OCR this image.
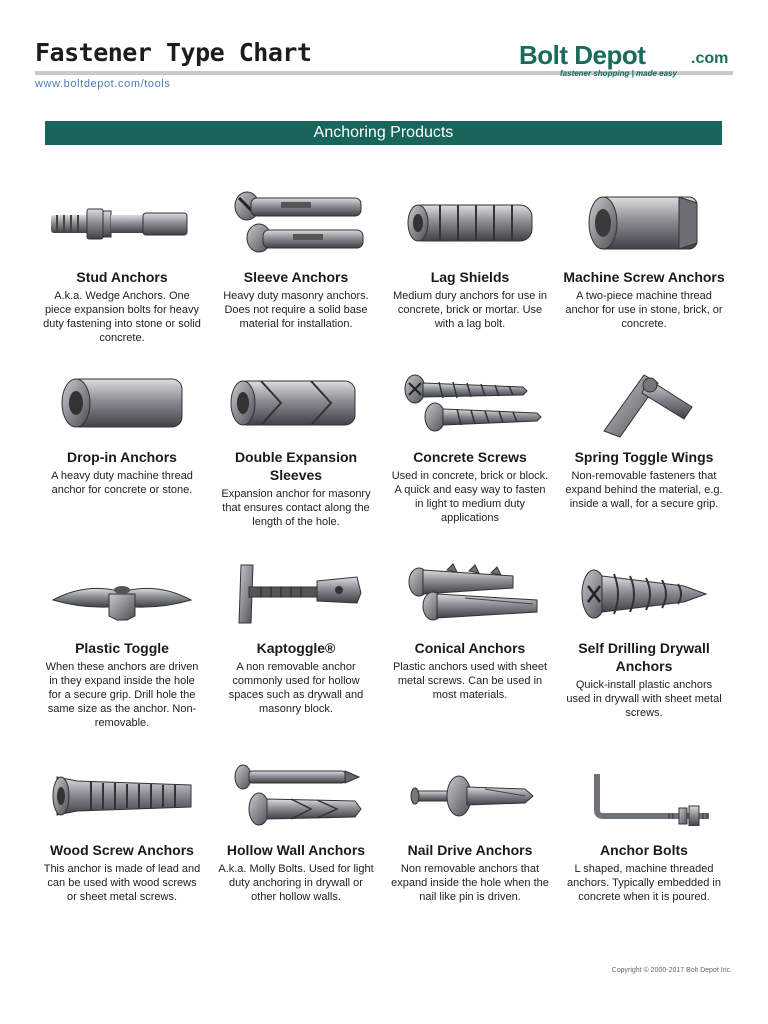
Fastener Type Chart
www.boltdepot.com/tools
Bolt Depot	.com
fastener shopping | made easy
Anchoring Products
Stud Anchors
A.k.a. Wedge Anchors. One piece expansion bolts for heavy duty fastening into stone or solid concrete.
Sleeve Anchors
Heavy duty masonry anchors. Does not require a solid base material for installation.
Lag Shields
Medium dury anchors for use in concrete, brick or mortar. Use with a lag bolt.
Machine Screw Anchors
A two-piece machine thread anchor for use in stone, brick, or concrete.
Drop-in Anchors
A heavy duty machine thread anchor for concrete or stone.
Double Expansion Sleeves
Expansion anchor for masonry that ensures contact along the length of the hole.
Concrete Screws
Used in concrete, brick or block. A quick and easy way to fasten in light to medium duty applications
Spring Toggle Wings
Non-removable fasteners that expand behind the material, e.g. inside a wall, for a secure grip.
Plastic Toggle
When these anchors are driven in they expand inside the hole for a secure grip. Drill hole the same size as the anchor. Non-removable.
Kaptoggle®
A non removable anchor commonly used for hollow spaces such as drywall and masonry block.
Conical Anchors
Plastic anchors used with sheet metal screws. Can be used in most materials.
Self Drilling Drywall Anchors
Quick-install plastic anchors used in drywall with sheet metal screws.
Wood Screw Anchors
This anchor is made of lead and can be used with wood screws or sheet metal screws.
Hollow Wall Anchors
A.k.a. Molly Bolts. Used for light duty anchoring in drywall or other hollow walls.
Nail Drive Anchors
Non removable anchors that expand inside the hole when the nail like pin is driven.
Anchor Bolts
L shaped, machine threaded anchors. Typically embedded in concrete when it is poured.
Copyright © 2000-2017 Bolt Depot Inc.
